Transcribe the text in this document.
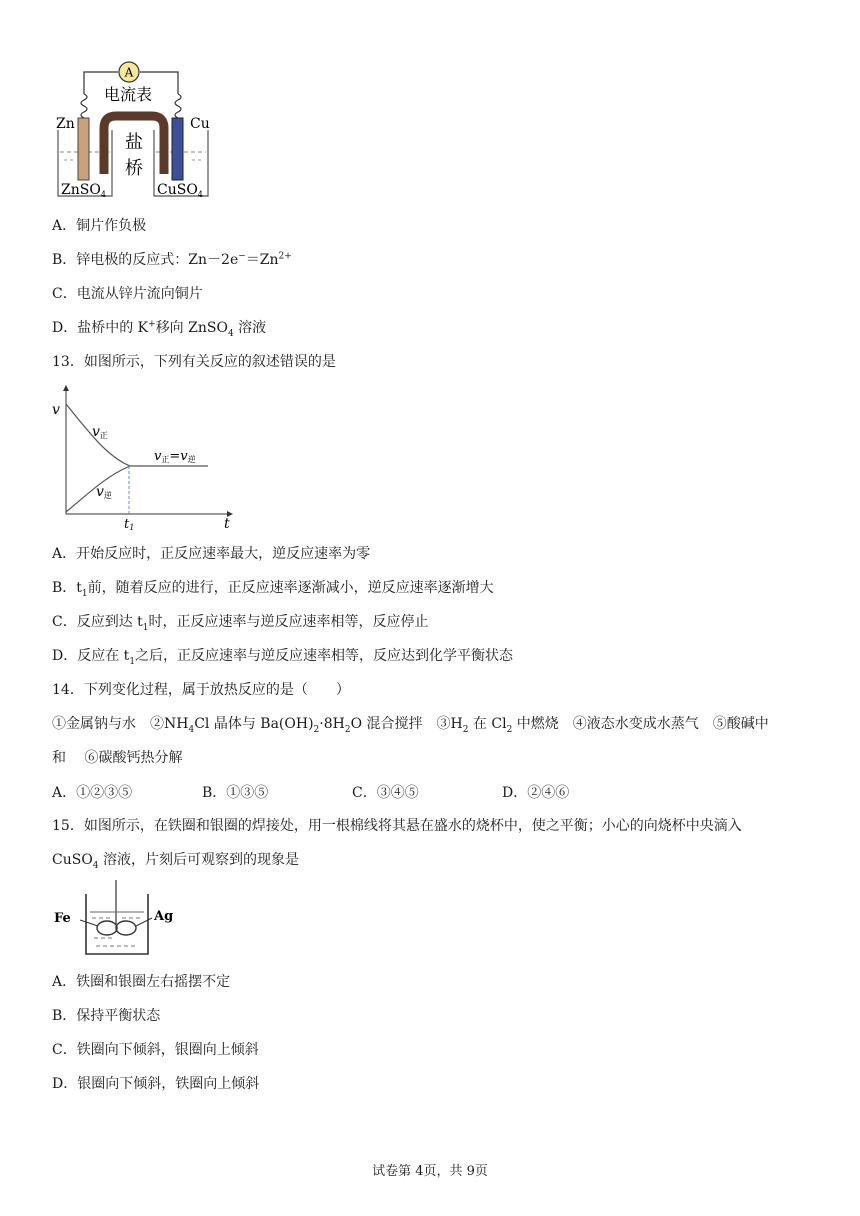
A
电流表
盐
桥
Zn	Cu
ZnSO$_4$	CuSO$_4$
A．铜片作负极
B．锌电极的反应式：$Zn-2e^-=Zn^{2+}$
C．电流从锌片流向铜片
D．盐桥中的 K+移向 ZnSO$_4$ 溶液
13．如图所示，下列有关反应的叙述错误的是
v
t
v正
v逆
v正=v逆
t1
A．开始反应时，正反应速率最大，逆反应速率为零
B．$t_1$前，随着反应的进行，正反应速率逐渐减小，逆反应速率逐渐增大
C．反应到达 $t_1$时，正反应速率与逆反应速率相等，反应停止
D．反应在 $t_1$之后，正反应速率与逆反应速率相等，反应达到化学平衡状态
14．下列变化过程，属于放热反应的是（　　）
①金属钠与水　$②NH_4Cl$ 晶体与 $Ba(OH)_2\cdot 8H_2O$ 混合搅拌　$③H_2$ 在 $Cl_2$ 中燃烧　④液态水变成水蒸气　⑤酸碱中
和　 ⑥碳酸钙热分解
A．①②③⑤	B．①③⑤	C．③④⑤	D．②④⑥
15．如图所示，在铁圈和银圈的焊接处，用一根棉线将其悬在盛水的烧杯中，使之平衡；小心的向烧杯中央滴入
CuSO$_4$ 溶液，片刻后可观察到的现象是
Fe	Ag
A．铁圈和银圈左右摇摆不定
B．保持平衡状态
C．铁圈向下倾斜，银圈向上倾斜
D．银圈向下倾斜，铁圈向上倾斜
试卷第 4页，共 9页
